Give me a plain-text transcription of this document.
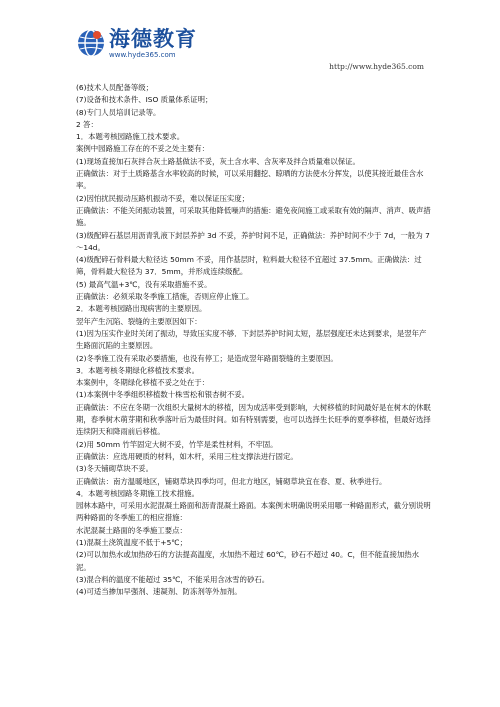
海德教育
www.hyde365.com
http://www.hyde365.com

(6)技术人员配备等级；

(7)设备和技术条件、ISO 质量体系证明；

(8)专门人员培训记录等。

2 答：

1．本题考核园路施工技术要求。

案例中园路施工存在的不妥之处主要有：

(1)现场直接加石灰拌合灰土路基做法不妥，灰土含水率、含灰率及拌合质量难以保证。

正确做法：对于土质路基含水率较高的时候，可以采用翻挖、晾晒的方法使水分挥发，以使其接近最佳含水率。

(2)因怕扰民振动压路机振动不妥，难以保证压实度；

正确做法：不能关闭振动装置，可采取其他降低噪声的措施：避免夜间施工或采取有效的隔声、消声、吸声措施。

(3)级配碎石基层用沥青乳液下封层养护 3d 不妥，养护时间不足，正确做法：养护时间不少于 7d，一般为 7～14d。

(4)级配碎石骨料最大粒径达 50mm 不妥，用作基层时，粒料最大粒径不宜超过 37.5mm。正确做法：过筛，骨料最大粒径为 37．5mm，并形成连续级配。

(5) 最高气温+3℃，没有采取措施不妥。

正确做法：必须采取冬季施工措施，否则应停止施工。

2．本题考核园路出现病害的主要原因。

翌年产生沉陷、裂缝的主要原因如下：

(1)因为压实作业时关闭了振动，导致压实度不够．下封层养护时间太短，基层强度还未达到要求，是翌年产生路面沉陷的主要原因。

(2)冬季施工没有采取必要措施，也没有停工；是造成翌年路面裂缝的主要原因。

3．本题考核冬期绿化移植技术要求。

本案例中，冬期绿化移植不妥之处在于：

(1)本案例中冬季组织移植数十株雪松和银杏树不妥。

正确做法：不应在冬期一次组织大量树木的移植，因为成活率受到影响，大树移植的时间最好是在树木的休眠期，春季树木萌芽期和秋季落叶后为最佳时间。如有特别需要，也可以选择生长旺季的夏季移植，但最好选择连续阴天和降雨前后移植。

(2)用 50mm 竹竿固定大树不妥，竹竿是柔性材料，不牢固。

正确做法：应选用硬质的材料，如木杆，采用三柱支撑法进行固定。

(3)冬天铺砌草块不妥。

正确做法：南方温暖地区，铺砌草块四季均可，但北方地区，铺砌草块宜在春、夏、秋季进行。

4．本题考核园路冬期施工技术措施。

园林本路中，可采用水泥混凝土路面和沥青混凝土路面。本案例未明确说明采用哪一种路面形式，截分别说明两种路面的冬季施工的相应措施：

水泥混凝土路面的冬季施工要点：

(1)混凝土浇筑温度不低于+5℃；

(2)可以加热水或加热砂石的方法提高温度，水加热不超过 60℃，砂石不超过 40。C，但不能直接加热水泥。

(3)混合料的温度不能超过 35℃，不能采用含冰雪的砂石。

(4)可适当掺加早强剂、速凝剂、防冻剂等外加剂。
